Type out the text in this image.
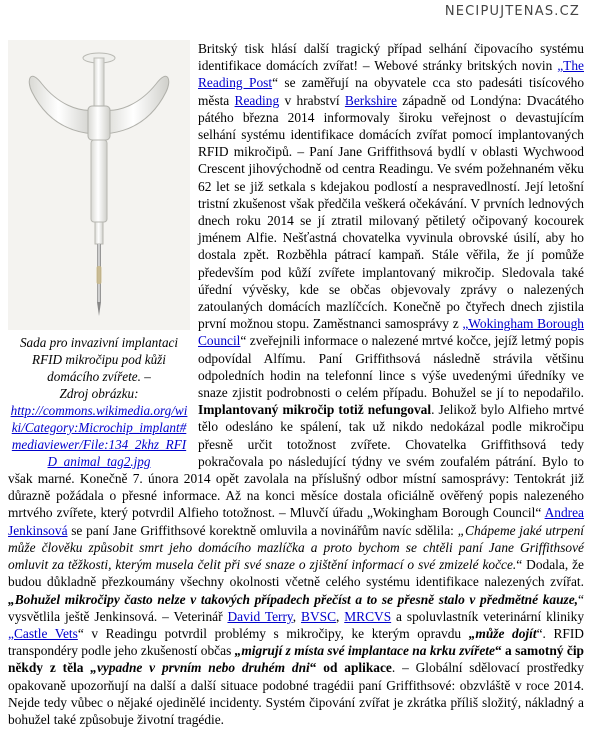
NECIPUJTENAS.CZ
Sada pro invazivní implantaci RFID mikročipu pod kůži domácího zvířete. –
Zdroj obrázku:
http://commons.wikimedia.org/wiki/Category:Microchip_implant#mediaviewer/File:134_2khz_RFID_animal_tag2.jpg
Britský tisk hlásí další tragický případ selhání čipovacího systému identifikace domácích zvířat! – Webové stránky britských novin „The Reading Post“ se zaměřují na obyvatele cca sto padesáti tisícového města Reading v hrabství Berkshire západně od Londýna: Dvacátého pátého března 2014 informovaly široku veřejnost o devastujícím selhání systému identifikace domácích zvířat pomocí implantovaných RFID mikročipů. – Paní Jane Griffithsová bydlí v oblasti Wychwood Crescent jihovýchodně od centra Readingu. Ve svém požehnaném věku 62 let se již setkala s kdejakou podlostí a nespravedlností. Její letošní tristní zkušenost však předčila veškerá očekávání. V prvních lednových dnech roku 2014 se jí ztratil milovaný pětiletý očipovaný kocourek jménem Alfie. Nešťastná chovatelka vyvinula obrovské úsilí, aby ho dostala zpět. Rozběhla pátrací kampaň. Stále věřila, že jí pomůže především pod kůží zvířete implantovaný mikročip. Sledovala také úřední vývěsky, kde se občas objevovaly zprávy o nalezených zatoulaných domácích mazlíčcích. Konečně po čtyřech dnech zjistila první možnou stopu. Zaměstnanci samosprávy z „Wokingham Borough Council“ zveřejnili informace o nalezené mrtvé kočce, jejíž letmý popis odpovídal Alfímu. Paní Griffithsová následně strávila většinu odpoledních hodin na telefonní lince s výše uvedenými úředníky ve snaze zjistit podrobnosti o celém případu. Bohužel se jí to nepodařilo. Implantovaný mikročip totiž nefungoval. Jelikož bylo Alfieho mrtvé tělo odesláno ke spálení, tak už nikdo nedokázal podle mikročipu přesně určit totožnost zvířete. Chovatelka Griffithsová tedy pokračovala po následující týdny ve svém zoufalém pátrání. Bylo to však marné. Konečně 7. února 2014 opět zavolala na příslušný odbor místní samosprávy: Tentokrát již důrazně požádala o přesné informace. Až na konci měsíce dostala oficiálně ověřený popis nalezeného mrtvého zvířete, který potvrdil Alfieho totožnost. – Mluvčí úřadu „Wokingham Borough Council“ Andrea Jenkinsová se paní Jane Griffithsové korektně omluvila a novinářům navíc sdělila: „Chápeme jaké utrpení může člověku způsobit smrt jeho domácího mazlíčka a proto bychom se chtěli paní Jane Griffithsové omluvit za těžkosti, kterým musela čelit při své snaze o zjištění informací o své zmizelé kočce.“ Dodala, že budou důkladně přezkoumány všechny okolnosti včetně celého systému identifikace nalezených zvířat. „Bohužel mikročipy často nelze v takových případech přečíst a to se přesně stalo v předmětné kauze,“ vysvětlila ještě Jenkinsová. – Veterinář David Terry, BVSC, MRCVS a spoluvlastník veterinární kliniky „Castle Vets“ v Readingu potvrdil problémy s mikročipy, ke kterým opravdu „může dojít“. RFID transpondéry podle jeho zkušeností občas „migrují z místa své implantace na krku zvířete“ a samotný čip někdy z těla „vypadne v prvním nebo druhém dni“ od aplikace. – Globální sdělovací prostředky opakovaně upozorňují na další a další situace podobné tragédii paní Griffithsové: obzvláště v roce 2014. Nejde tedy vůbec o nějaké ojedinělé incidenty. Systém čipování zvířat je zkrátka příliš složitý, nákladný a bohužel také způsobuje životní tragédie.
